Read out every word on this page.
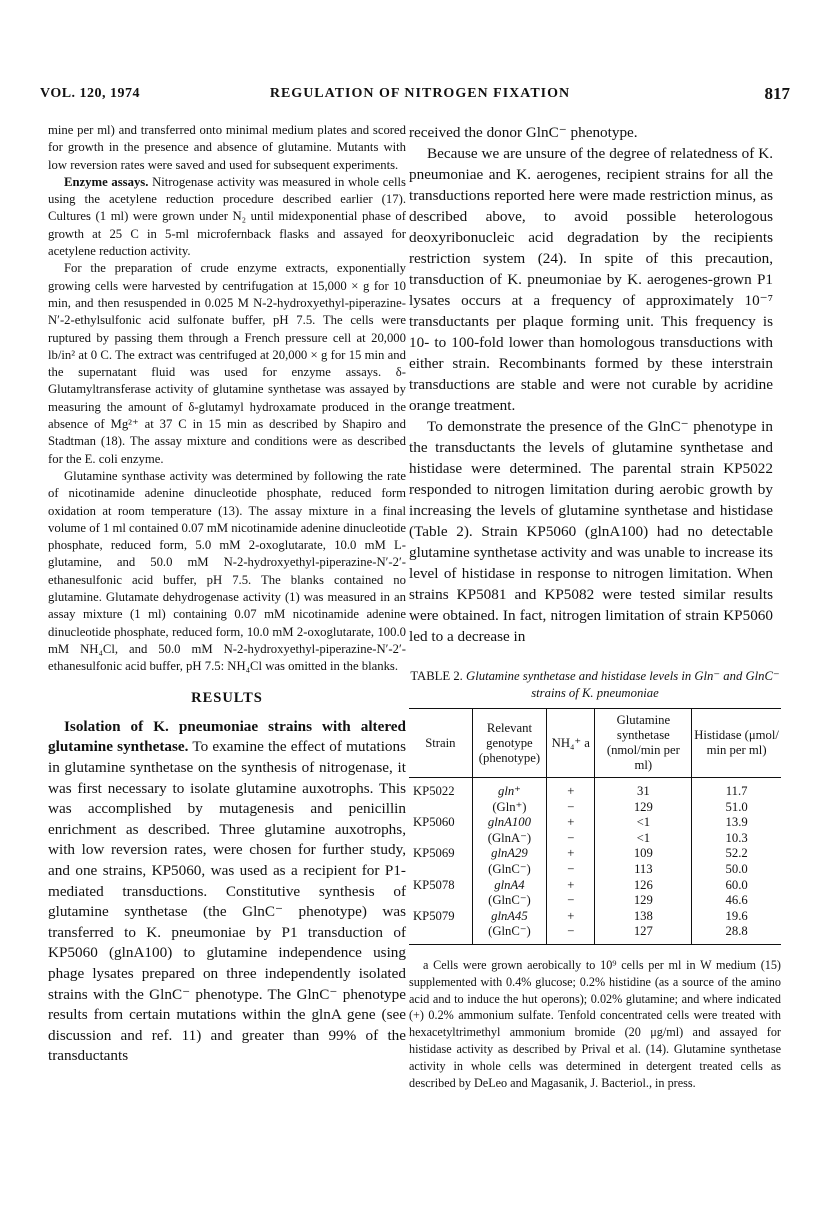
VOL. 120, 1974	REGULATION OF NITROGEN FIXATION	817

mine per ml) and transferred onto minimal medium plates and scored for growth in the presence and absence of glutamine. Mutants with low reversion rates were saved and used for subsequent experiments.

Enzyme assays. Nitrogenase activity was measured in whole cells using the acetylene reduction procedure described earlier (17). Cultures (1 ml) were grown under N₂ until midexponential phase of growth at 25 C in 5-ml microfernback flasks and assayed for acetylene reduction activity.

For the preparation of crude enzyme extracts, exponentially growing cells were harvested by centrifugation at 15,000 × g for 10 min, and then resuspended in 0.025 M N-2-hydroxyethyl-piperazine-N′-2-ethylsulfonic acid sulfonate buffer, pH 7.5. The cells were ruptured by passing them through a French pressure cell at 20,000 lb/in² at 0 C. The extract was centrifuged at 20,000 × g for 15 min and the supernatant fluid was used for enzyme assays. δ-Glutamyltransferase activity of glutamine synthetase was assayed by measuring the amount of δ-glutamyl hydroxamate produced in the absence of Mg²⁺ at 37 C in 15 min as described by Shapiro and Stadtman (18). The assay mixture and conditions were as described for the E. coli enzyme.

Glutamine synthase activity was determined by following the rate of nicotinamide adenine dinucleotide phosphate, reduced form oxidation at room temperature (13). The assay mixture in a final volume of 1 ml contained 0.07 mM nicotinamide adenine dinucleotide phosphate, reduced form, 5.0 mM 2-oxoglutarate, 10.0 mM L-glutamine, and 50.0 mM N-2-hydroxyethyl-piperazine-N′-2′-ethanesulfonic acid buffer, pH 7.5. The blanks contained no glutamine. Glutamate dehydrogenase activity (1) was measured in an assay mixture (1 ml) containing 0.07 mM nicotinamide adenine dinucleotide phosphate, reduced form, 10.0 mM 2-oxoglutarate, 100.0 mM NH₄Cl, and 50.0 mM N-2-hydroxyethyl-piperazine-N′-2′-ethanesulfonic acid buffer, pH 7.5: NH₄Cl was omitted in the blanks.

RESULTS

Isolation of K. pneumoniae strains with altered glutamine synthetase. To examine the effect of mutations in glutamine synthetase on the synthesis of nitrogenase, it was first necessary to isolate glutamine auxotrophs. This was accomplished by mutagenesis and penicillin enrichment as described. Three glutamine auxotrophs, with low reversion rates, were chosen for further study, and one strains, KP5060, was used as a recipient for P1-mediated transductions. Constitutive synthesis of glutamine synthetase (the GlnC⁻ phenotype) was transferred to K. pneumoniae by P1 transduction of KP5060 (glnA100) to glutamine independence using phage lysates prepared on three independently isolated strains with the GlnC⁻ phenotype. The GlnC⁻ phenotype results from certain mutations within the glnA gene (see discussion and ref. 11) and greater than 99% of the transductants

received the donor GlnC⁻ phenotype.

Because we are unsure of the degree of relatedness of K. pneumoniae and K. aerogenes, recipient strains for all the transductions reported here were made restriction minus, as described above, to avoid possible heterologous deoxyribonucleic acid degradation by the recipients restriction system (24). In spite of this precaution, transduction of K. pneumoniae by K. aerogenes-grown P1 lysates occurs at a frequency of approximately 10⁻⁷ transductants per plaque forming unit. This frequency is 10- to 100-fold lower than homologous transductions with either strain. Recombinants formed by these interstrain transductions are stable and were not curable by acridine orange treatment.

To demonstrate the presence of the GlnC⁻ phenotype in the transductants the levels of glutamine synthetase and histidase were determined. The parental strain KP5022 responded to nitrogen limitation during aerobic growth by increasing the levels of glutamine synthetase and histidase (Table 2). Strain KP5060 (glnA100) had no detectable glutamine synthetase activity and was unable to increase its level of histidase in response to nitrogen limitation. When strains KP5081 and KP5082 were tested similar results were obtained. In fact, nitrogen limitation of strain KP5060 led to a decrease in

TABLE 2. Glutamine synthetase and histidase levels in Gln⁻ and GlnC⁻ strains of K. pneumoniae

Strain	Relevant genotype (phenotype)	NH₄⁺ a	Glutamine synthetase (nmol/min per ml)	Histidase (μmol/ min per ml)
KP5022	gln⁺	+	31	11.7
	(Gln⁺)	−	129	51.0
KP5060	glnA100	+	<1	13.9
	(GlnA⁻)	−	<1	10.3
KP5069	glnA29	+	109	52.2
	(GlnC⁻)	−	113	50.0
KP5078	glnA4	+	126	60.0
	(GlnC⁻)	−	129	46.6
KP5079	glnA45	+	138	19.6
	(GlnC⁻)	−	127	28.8

a Cells were grown aerobically to 10⁹ cells per ml in W medium (15) supplemented with 0.4% glucose; 0.2% histidine (as a source of the amino acid and to induce the hut operons); 0.02% glutamine; and where indicated (+) 0.2% ammonium sulfate. Tenfold concentrated cells were treated with hexacetyltrimethyl ammonium bromide (20 μg/ml) and assayed for histidase activity as described by Prival et al. (14). Glutamine synthetase activity in whole cells was determined in detergent treated cells as described by DeLeo and Magasanik, J. Bacteriol., in press.
